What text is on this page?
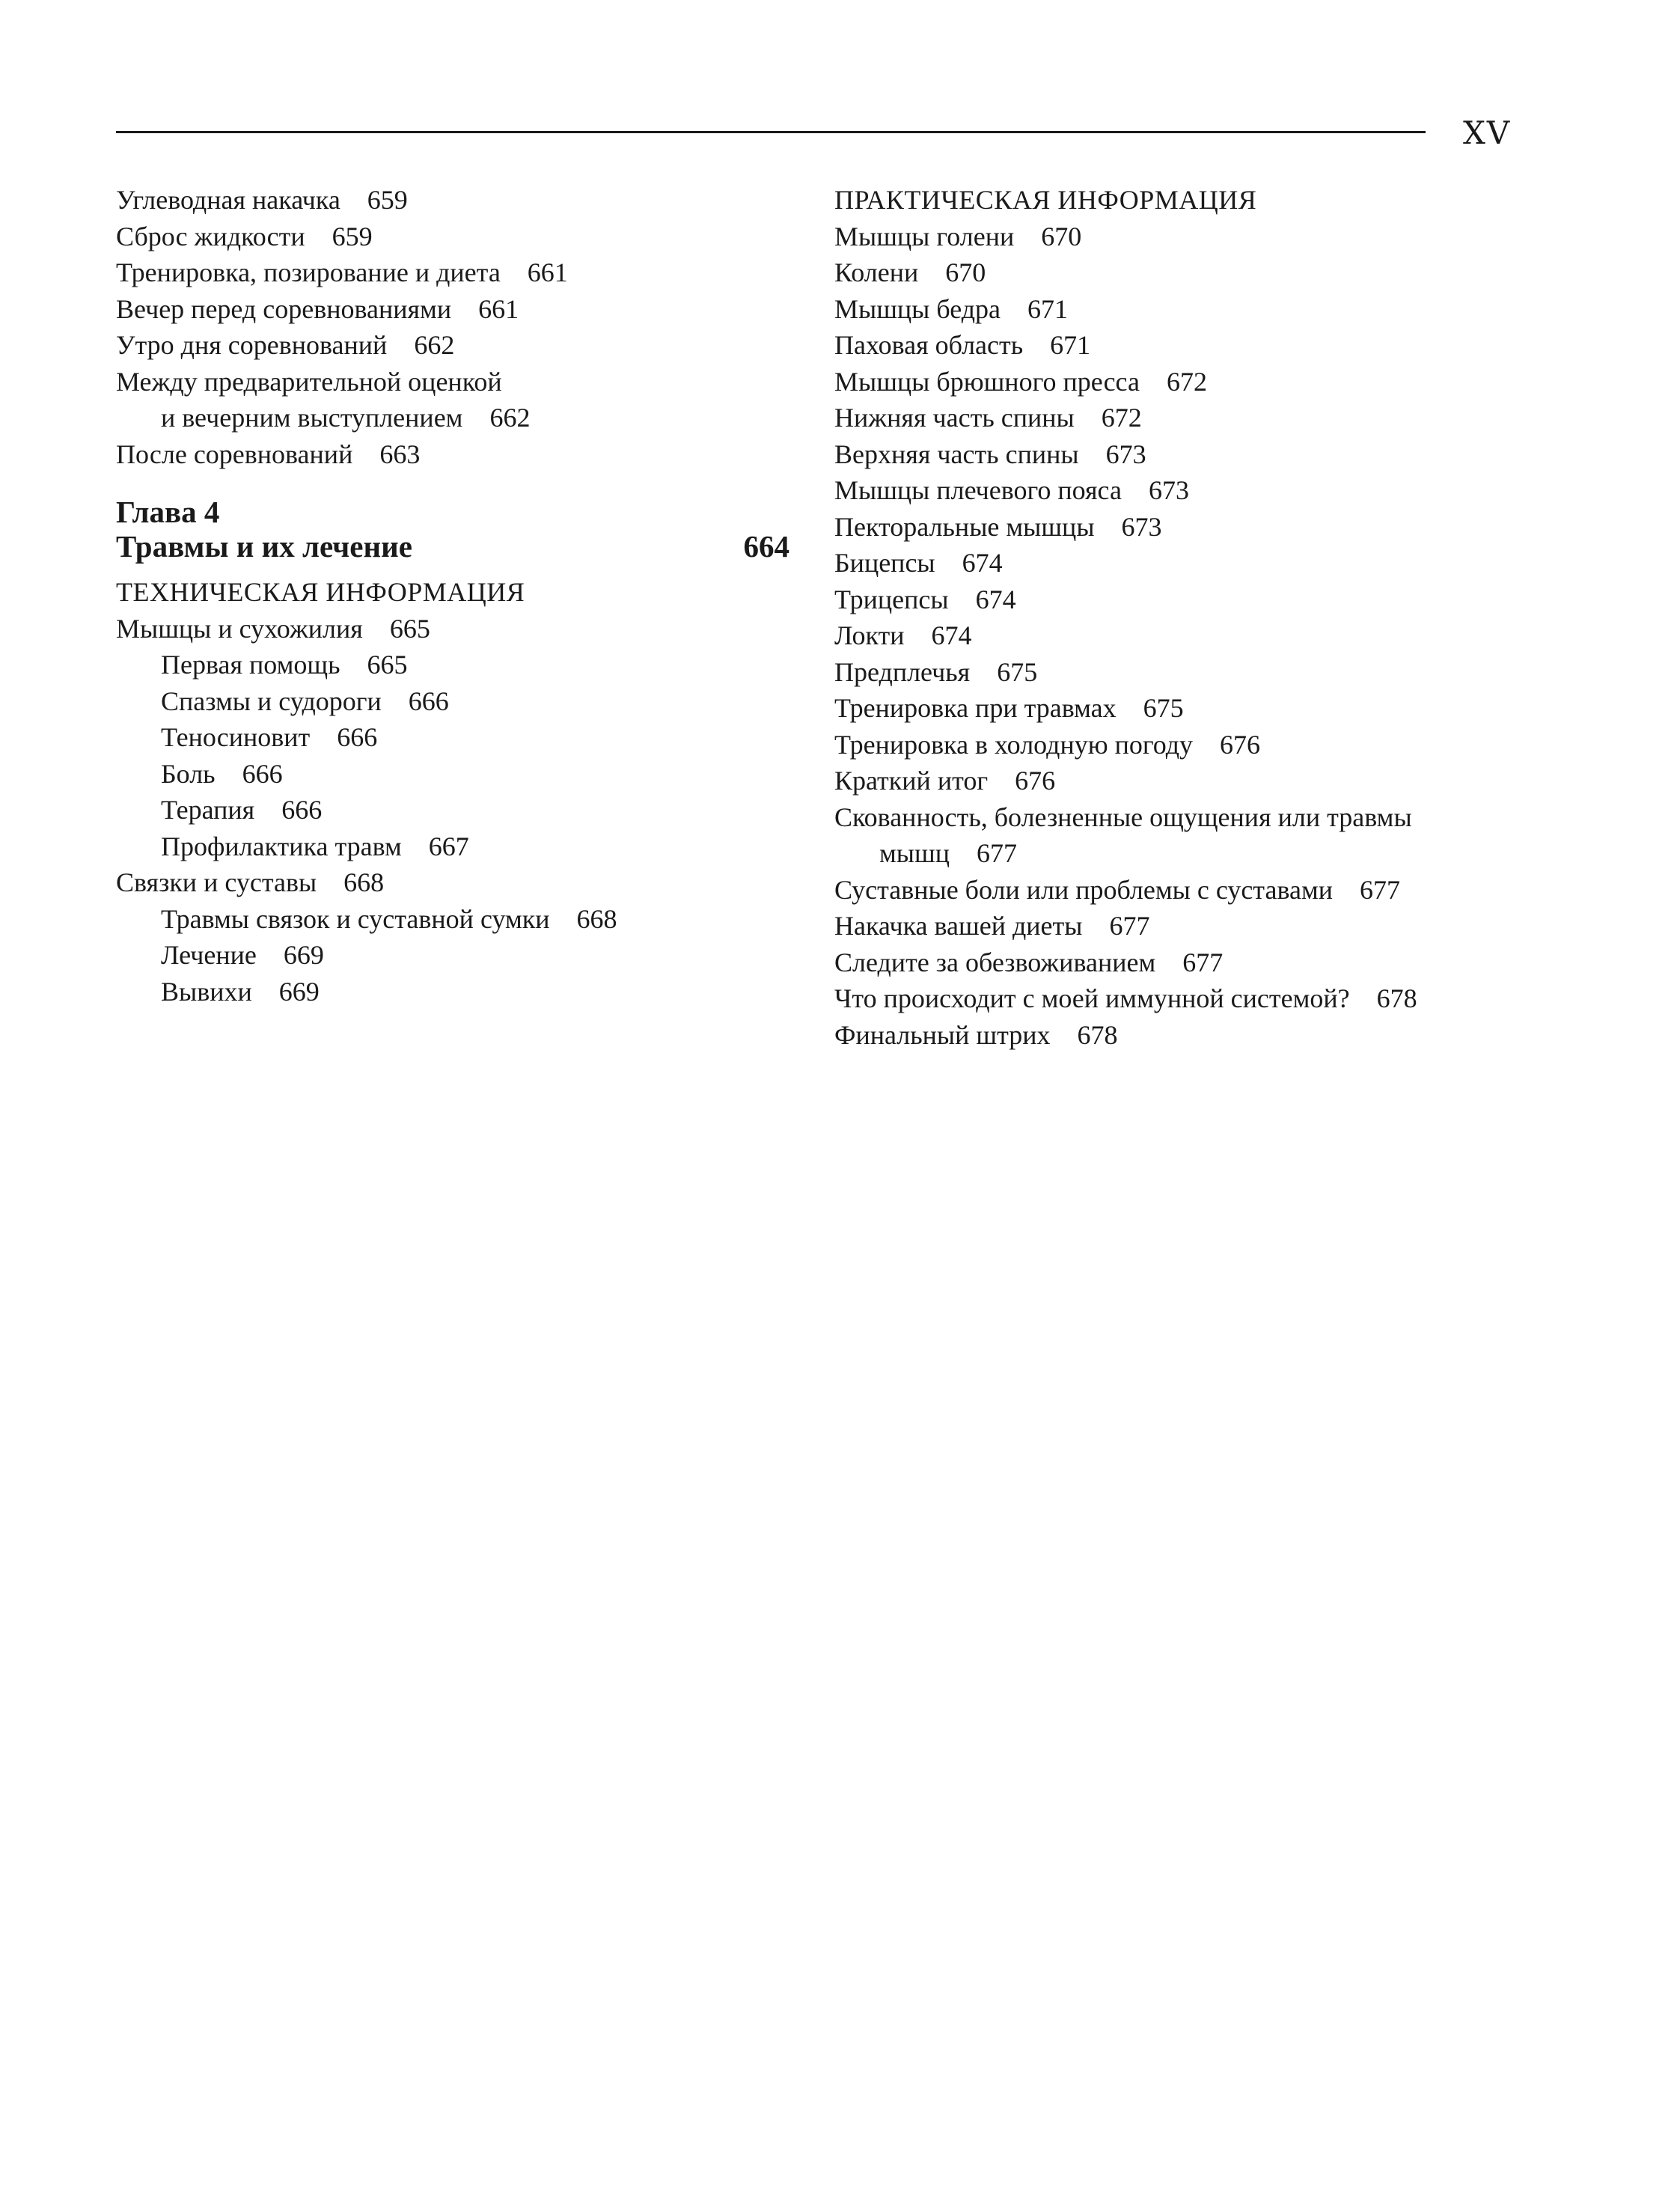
XV
Углеводная накачка 659
Сброс жидкости 659
Тренировка, позирование и диета 661
Вечер перед соревнованиями 661
Утро дня соревнований 662
Между предварительной оценкой
и вечерним выступлением 662
После соревнований 663
Глава 4
Травмы и их лечение	664
ТЕХНИЧЕСКАЯ ИНФОРМАЦИЯ
Мышцы и сухожилия 665
Первая помощь 665
Спазмы и судороги 666
Теносиновит 666
Боль 666
Терапия 666
Профилактика травм 667
Связки и суставы 668
Травмы связок и суставной сумки 668
Лечение 669
Вывихи 669
ПРАКТИЧЕСКАЯ ИНФОРМАЦИЯ
Мышцы голени 670
Колени 670
Мышцы бедра 671
Паховая область 671
Мышцы брюшного пресса 672
Нижняя часть спины 672
Верхняя часть спины 673
Мышцы плечевого пояса 673
Пекторальные мышцы 673
Бицепсы 674
Трицепсы 674
Локти 674
Предплечья 675
Тренировка при травмах 675
Тренировка в холодную погоду 676
Краткий итог 676
Скованность, болезненные ощущения или травмы
мышц 677
Суставные боли или проблемы с суставами 677
Накачка вашей диеты 677
Следите за обезвоживанием 677
Что происходит с моей иммунной системой? 678
Финальный штрих 678
